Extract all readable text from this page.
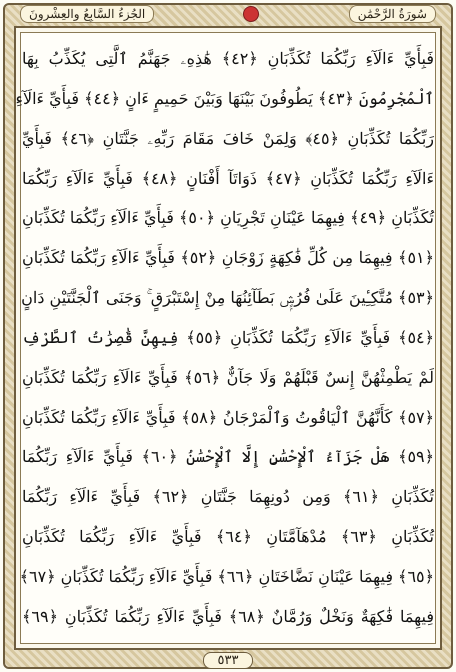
الجُزءُ السَّابِعُ والعِشْرونَ	سُورَةُ الرَّحْمَٰن
فَبِأَيِّ ءَالَآءِ رَبِّكُمَا تُكَذِّبَانِ ﴿٤٢﴾ هَٰذِهِۦ جَهَنَّمُ ٱلَّتِى يُكَذِّبُ بِهَا
ٱلْمُجْرِمُونَ ﴿٤٣﴾ يَطُوفُونَ بَيْنَهَا وَبَيْنَ حَمِيمٍ ءَانٍ ﴿٤٤﴾ فَبِأَيِّ ءَالَآءِ
رَبِّكُمَا تُكَذِّبَانِ ﴿٤٥﴾ وَلِمَنْ خَافَ مَقَامَ رَبِّهِۦ جَنَّتَانِ ﴿٤٦﴾ فَبِأَيِّ
ءَالَآءِ رَبِّكُمَا تُكَذِّبَانِ ﴿٤٧﴾ ذَوَاتَآ أَفْنَانٍ ﴿٤٨﴾ فَبِأَيِّ ءَالَآءِ رَبِّكُمَا
تُكَذِّبَانِ ﴿٤٩﴾ فِيهِمَا عَيْنَانِ تَجْرِيَانِ ﴿٥٠﴾ فَبِأَيِّ ءَالَآءِ رَبِّكُمَا تُكَذِّبَانِ
﴿٥١﴾ فِيهِمَا مِن كُلِّ فَٰكِهَةٍ زَوْجَانِ ﴿٥٢﴾ فَبِأَيِّ ءَالَآءِ رَبِّكُمَا تُكَذِّبَانِ
﴿٥٣﴾ مُتَّكِـِٔينَ عَلَىٰ فُرُشٍۭ بَطَآئِنُهَا مِنْ إِسْتَبْرَقٍ ۚ وَجَنَى ٱلْجَنَّتَيْنِ دَانٍ
﴿٥٤﴾ فَبِأَيِّ ءَالَآءِ رَبِّكُمَا تُكَذِّبَانِ ﴿٥٥﴾ فِيهِنَّ قَٰصِرَٰتُ ٱلطَّرْفِ
لَمْ يَطْمِثْهُنَّ إِنسٌ قَبْلَهُمْ وَلَا جَآنٌّ ﴿٥٦﴾ فَبِأَيِّ ءَالَآءِ رَبِّكُمَا تُكَذِّبَانِ
﴿٥٧﴾ كَأَنَّهُنَّ ٱلْيَاقُوتُ وَٱلْمَرْجَانُ ﴿٥٨﴾ فَبِأَيِّ ءَالَآءِ رَبِّكُمَا تُكَذِّبَانِ
﴿٥٩﴾ هَلْ جَزَآءُ ٱلْإِحْسَٰنِ إِلَّا ٱلْإِحْسَٰنُ ﴿٦٠﴾ فَبِأَيِّ ءَالَآءِ رَبِّكُمَا
تُكَذِّبَانِ ﴿٦١﴾ وَمِن دُونِهِمَا جَنَّتَانِ ﴿٦٢﴾ فَبِأَيِّ ءَالَآءِ رَبِّكُمَا
تُكَذِّبَانِ ﴿٦٣﴾ مُدْهَآمَّتَانِ ﴿٦٤﴾ فَبِأَيِّ ءَالَآءِ رَبِّكُمَا تُكَذِّبَانِ
﴿٦٥﴾ فِيهِمَا عَيْنَانِ نَضَّاخَتَانِ ﴿٦٦﴾ فَبِأَيِّ ءَالَآءِ رَبِّكُمَا تُكَذِّبَانِ ﴿٦٧﴾
فِيهِمَا فَٰكِهَةٌ وَنَخْلٌ وَرُمَّانٌ ﴿٦٨﴾ فَبِأَيِّ ءَالَآءِ رَبِّكُمَا تُكَذِّبَانِ ﴿٦٩﴾
٥٣٣
